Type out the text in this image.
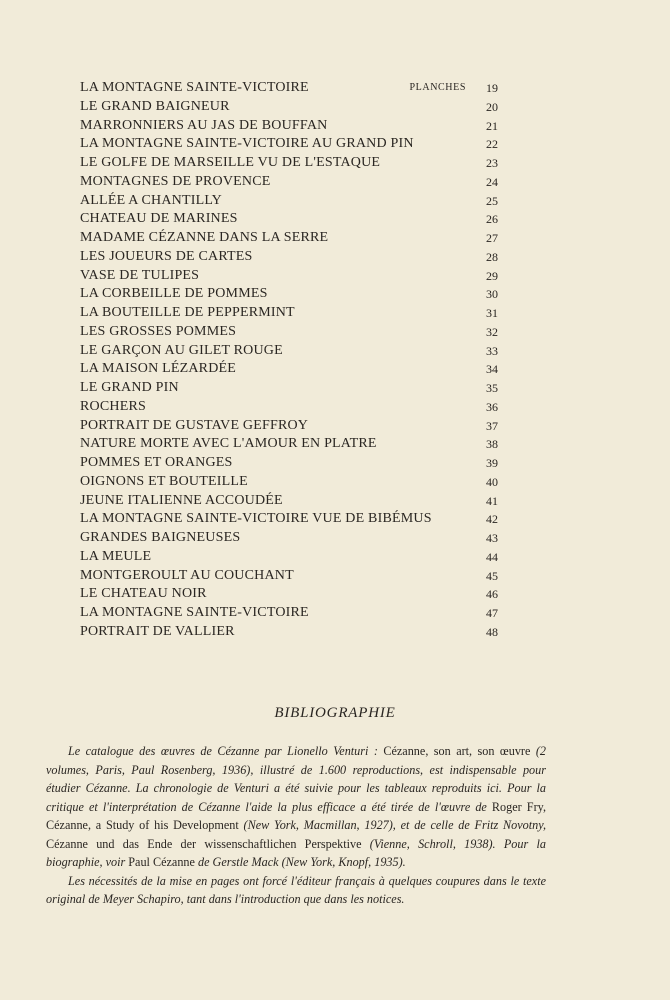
LA MONTAGNE SAINTE-VICTOIRE	PLANCHES 19
LE GRAND BAIGNEUR	20
MARRONNIERS AU JAS DE BOUFFAN	21
LA MONTAGNE SAINTE-VICTOIRE AU GRAND PIN	22
LE GOLFE DE MARSEILLE VU DE L'ESTAQUE	23
MONTAGNES DE PROVENCE	24
ALLÉE A CHANTILLY	25
CHATEAU DE MARINES	26
MADAME CÉZANNE DANS LA SERRE	27
LES JOUEURS DE CARTES	28
VASE DE TULIPES	29
LA CORBEILLE DE POMMES	30
LA BOUTEILLE DE PEPPERMINT	31
LES GROSSES POMMES	32
LE GARÇON AU GILET ROUGE	33
LA MAISON LÉZARDÉE	34
LE GRAND PIN	35
ROCHERS	36
PORTRAIT DE GUSTAVE GEFFROY	37
NATURE MORTE AVEC L'AMOUR EN PLATRE	38
POMMES ET ORANGES	39
OIGNONS ET BOUTEILLE	40
JEUNE ITALIENNE ACCOUDÉE	41
LA MONTAGNE SAINTE-VICTOIRE VUE DE BIBÉMUS	42
GRANDES BAIGNEUSES	43
LA MEULE	44
MONTGEROULT AU COUCHANT	45
LE CHATEAU NOIR	46
LA MONTAGNE SAINTE-VICTOIRE	47
PORTRAIT DE VALLIER	48
BIBLIOGRAPHIE

Le catalogue des œuvres de Cézanne par Lionello Venturi : Cézanne, son art, son œuvre (2 volumes, Paris, Paul Rosenberg, 1936), illustré de 1.600 reproductions, est indispensable pour étudier Cézanne. La chronologie de Venturi a été suivie pour les tableaux reproduits ici. Pour la critique et l'interprétation de Cézanne l'aide la plus efficace a été tirée de l'œuvre de Roger Fry, Cézanne, a Study of his Development (New York, Macmillan, 1927), et de celle de Fritz Novotny, Cézanne und das Ende der wissenschaftlichen Perspektive (Vienne, Schroll, 1938). Pour la biographie, voir Paul Cézanne de Gerstle Mack (New York, Knopf, 1935).

Les nécessités de la mise en pages ont forcé l'éditeur français à quelques coupures dans le texte original de Meyer Schapiro, tant dans l'introduction que dans les notices.
